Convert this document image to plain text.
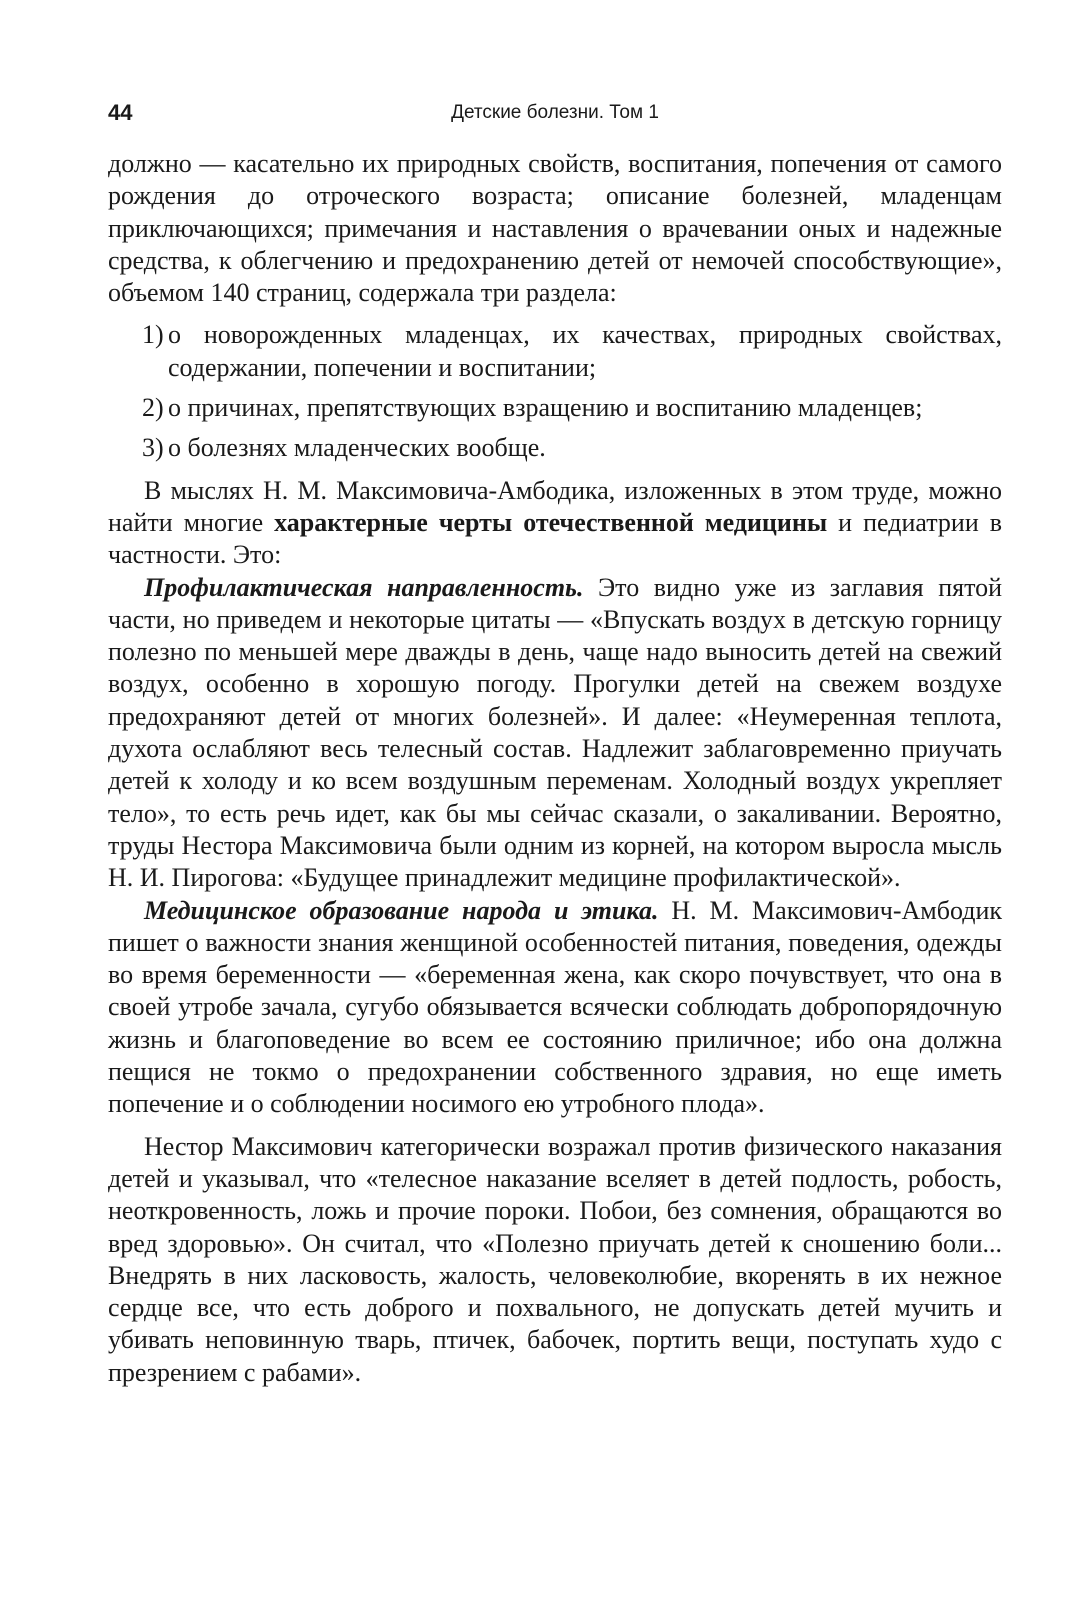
44	Детские болезни. Том 1

должно — касательно их природных свойств, воспитания, попечения от самого рождения до отроческого возраста; описание болезней, младенцам приключающихся; примечания и наставления о врачевании оных и надежные средства, к облегчению и предохранению детей от немочей способствующие», объемом 140 страниц, содержала три раздела:

1) о новорожденных младенцах, их качествах, природных свойствах, содержании, попечении и воспитании;
2) о причинах, препятствующих взращению и воспитанию младенцев;
3) о болезнях младенческих вообще.

В мыслях Н. М. Максимовича-Амбодика, изложенных в этом труде, можно найти многие характерные черты отечественной медицины и педиатрии в частности. Это:

Профилактическая направленность. Это видно уже из заглавия пятой части, но приведем и некоторые цитаты — «Впускать воздух в детскую горницу полезно по меньшей мере дважды в день, чаще надо выносить детей на свежий воздух, особенно в хорошую погоду. Прогулки детей на свежем воздухе предохраняют детей от многих болезней». И далее: «Неумеренная теплота, духота ослабляют весь телесный состав. Надлежит заблаговременно приучать детей к холоду и ко всем воздушным переменам. Холодный воздух укрепляет тело», то есть речь идет, как бы мы сейчас сказали, о закаливании. Вероятно, труды Нестора Максимовича были одним из корней, на котором выросла мысль Н. И. Пирогова: «Будущее принадлежит медицине профилактической».

Медицинское образование народа и этика. Н. М. Максимович-Амбодик пишет о важности знания женщиной особенностей питания, поведения, одежды во время беременности — «беременная жена, как скоро почувствует, что она в своей утробе зачала, сугубо обязывается всячески соблюдать добропорядочную жизнь и благоповедение во всем ее состоянию приличное; ибо она должна пещися не токмо о предохранении собственного здравия, но еще иметь попечение и о соблюдении носимого ею утробного плода».

Нестор Максимович категорически возражал против физического наказания детей и указывал, что «телесное наказание вселяет в детей подлость, робость, неоткровенность, ложь и прочие пороки. Побои, без сомнения, обращаются во вред здоровью». Он считал, что «Полезно приучать детей к сношению боли... Внедрять в них ласковость, жалость, человеколюбие, вкоренять в их нежное сердце все, что есть доброго и похвального, не допускать детей мучить и убивать неповинную тварь, птичек, бабочек, портить вещи, поступать худо с презрением с рабами».
